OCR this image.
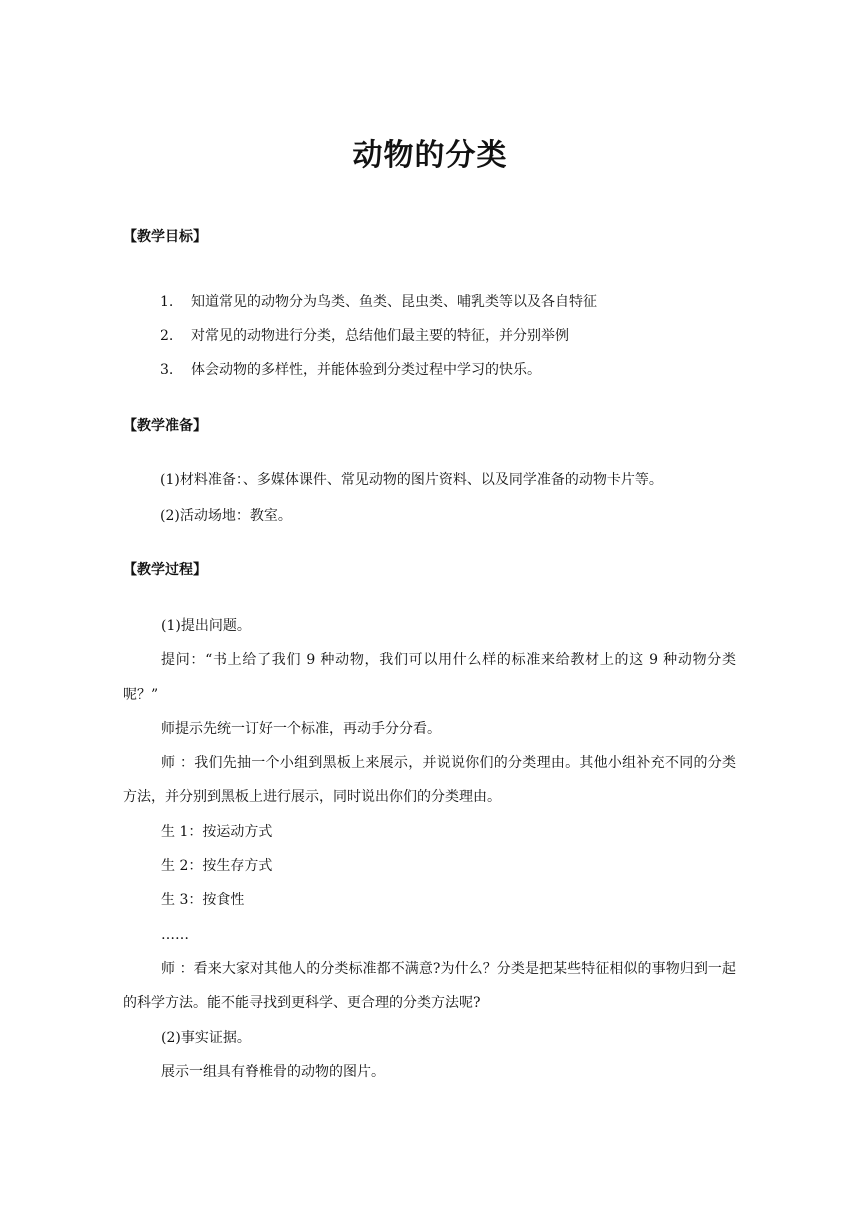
动物的分类
【教学目标】
1. 知道常见的动物分为鸟类、鱼类、昆虫类、哺乳类等以及各自特征
2. 对常见的动物进行分类，总结他们最主要的特征，并分别举例
3. 体会动物的多样性，并能体验到分类过程中学习的快乐。
【教学准备】
(1)材料准备：、多媒体课件、常见动物的图片资料、以及同学准备的动物卡片等。
(2)活动场地：教室。
【教学过程】

(1)提出问题。

提问：“书上给了我们 9 种动物，我们可以用什么样的标准来给教材上的这 9 种动物分类呢？”

师提示先统一订好一个标准，再动手分分看。

师 ：我们先抽一个小组到黑板上来展示，并说说你们的分类理由。其他小组补充不同的分类方法，并分别到黑板上进行展示，同时说出你们的分类理由。

生 1：按运动方式

生 2：按生存方式

生 3：按食性

……

师 ：看来大家对其他人的分类标准都不满意?为什么？分类是把某些特征相似的事物归到一起的科学方法。能不能寻找到更科学、更合理的分类方法呢?

(2)事实证据。

展示一组具有脊椎骨的动物的图片。
